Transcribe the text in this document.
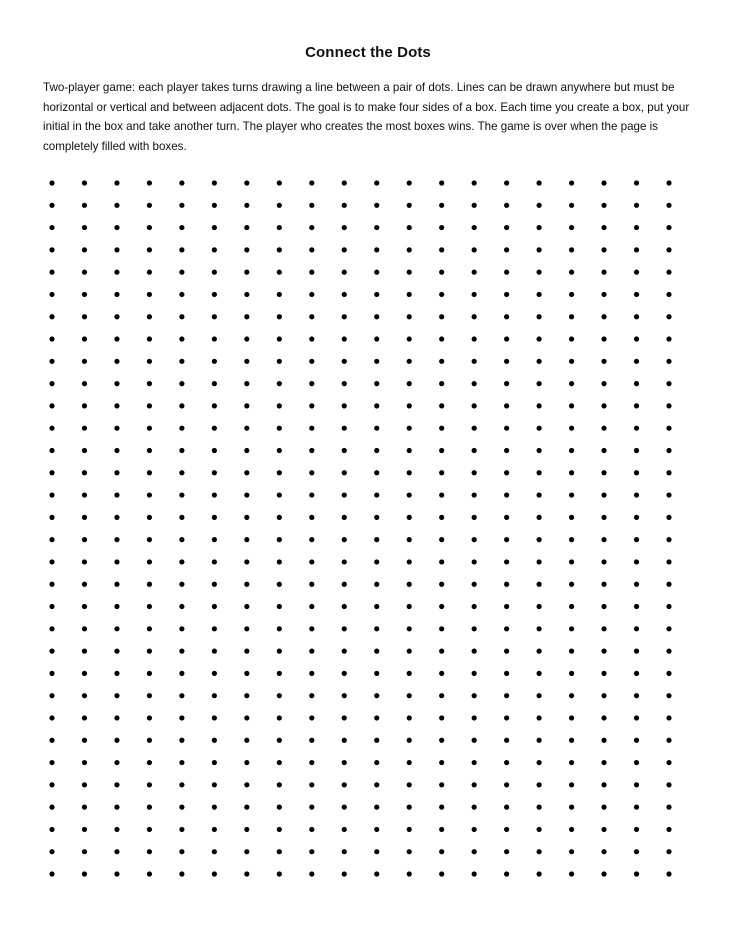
Connect the Dots

Two-player game: each player takes turns drawing a line between a pair of dots. Lines can be drawn anywhere but must be horizontal or vertical and between adjacent dots. The goal is to make four sides of a box. Each time you create a box, put your initial in the box and take another turn. The player who creates the most boxes wins. The game is over when the page is completely filled with boxes.
